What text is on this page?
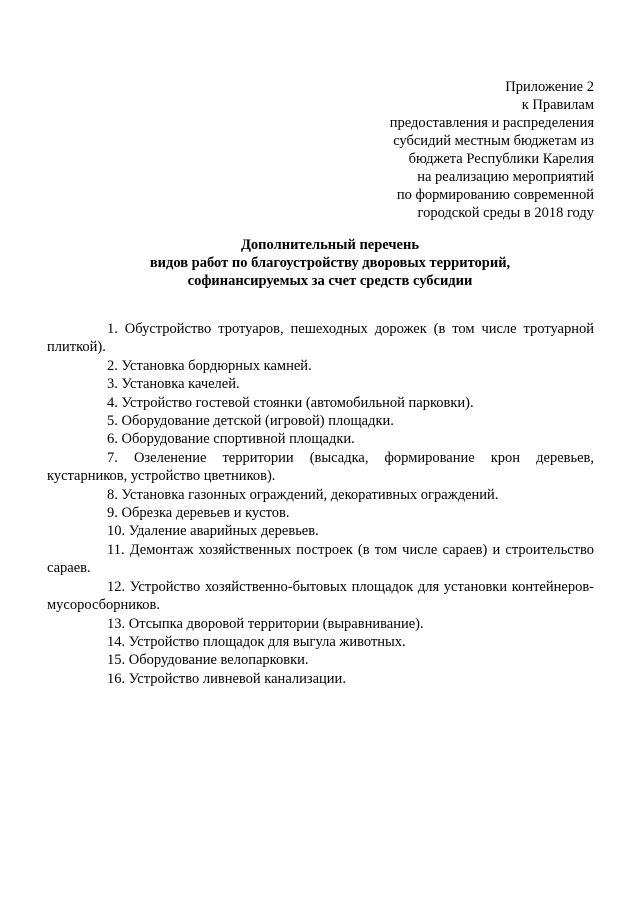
Приложение 2
к Правилам
предоставления и распределения
субсидий местным бюджетам из
бюджета Республики Карелия
на реализацию мероприятий
по формированию современной
городской среды в 2018 году
Дополнительный перечень
видов работ по благоустройству дворовых территорий,
софинансируемых за счет средств субсидии

1. Обустройство тротуаров, пешеходных дорожек (в том числе тротуарной плиткой).

2. Установка бордюрных камней.

3. Установка качелей.

4. Устройство гостевой стоянки (автомобильной парковки).

5. Оборудование детской (игровой) площадки.

6. Оборудование спортивной площадки.

7. Озеленение территории (высадка, формирование крон деревьев, кустарников, устройство цветников).

8. Установка газонных ограждений, декоративных ограждений.

9. Обрезка деревьев и кустов.

10. Удаление аварийных деревьев.

11. Демонтаж хозяйственных построек (в том числе сараев) и строительство сараев.

12. Устройство хозяйственно-бытовых площадок для установки контейнеров-мусоросборников.

13. Отсыпка дворовой территории (выравнивание).

14. Устройство площадок для выгула животных.

15. Оборудование велопарковки.

16. Устройство ливневой канализации.
